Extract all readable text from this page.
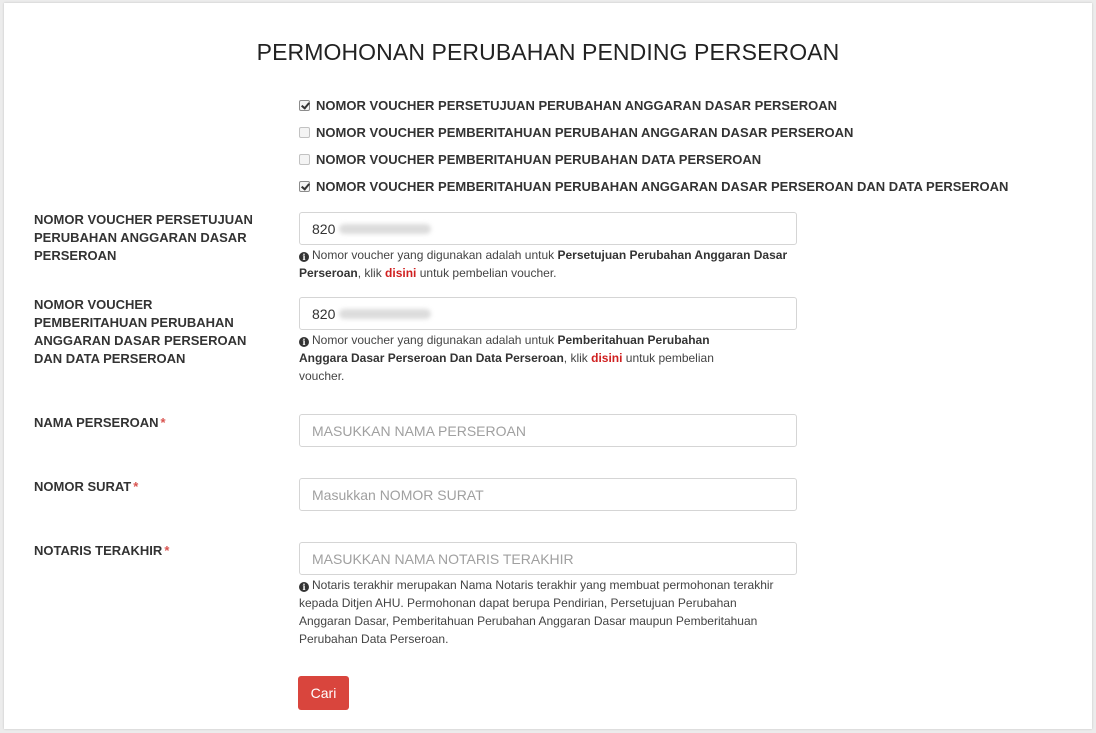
PERMOHONAN PERUBAHAN PENDING PERSEROAN
NOMOR VOUCHER PERSETUJUAN PERUBAHAN ANGGARAN DASAR PERSEROAN
NOMOR VOUCHER PEMBERITAHUAN PERUBAHAN ANGGARAN DASAR PERSEROAN
NOMOR VOUCHER PEMBERITAHUAN PERUBAHAN DATA PERSEROAN
NOMOR VOUCHER PEMBERITAHUAN PERUBAHAN ANGGARAN DASAR PERSEROAN DAN DATA PERSEROAN
NOMOR VOUCHER PERSETUJUAN PERUBAHAN ANGGARAN DASAR PERSEROAN
820
i Nomor voucher yang digunakan adalah untuk Persetujuan Perubahan Anggaran Dasar Perseroan, klik disini untuk pembelian voucher.
NOMOR VOUCHER PEMBERITAHUAN PERUBAHAN ANGGARAN DASAR PERSEROAN DAN DATA PERSEROAN
820
i Nomor voucher yang digunakan adalah untuk Pemberitahuan Perubahan Anggara Dasar Perseroan Dan Data Perseroan, klik disini untuk pembelian voucher.
NAMA PERSEROAN *
MASUKKAN NAMA PERSEROAN
NOMOR SURAT *
Masukkan NOMOR SURAT
NOTARIS TERAKHIR *
MASUKKAN NAMA NOTARIS TERAKHIR
i Notaris terakhir merupakan Nama Notaris terakhir yang membuat permohonan terakhir kepada Ditjen AHU. Permohonan dapat berupa Pendirian, Persetujuan Perubahan Anggaran Dasar, Pemberitahuan Perubahan Anggaran Dasar maupun Pemberitahuan Perubahan Data Perseroan.
Cari
